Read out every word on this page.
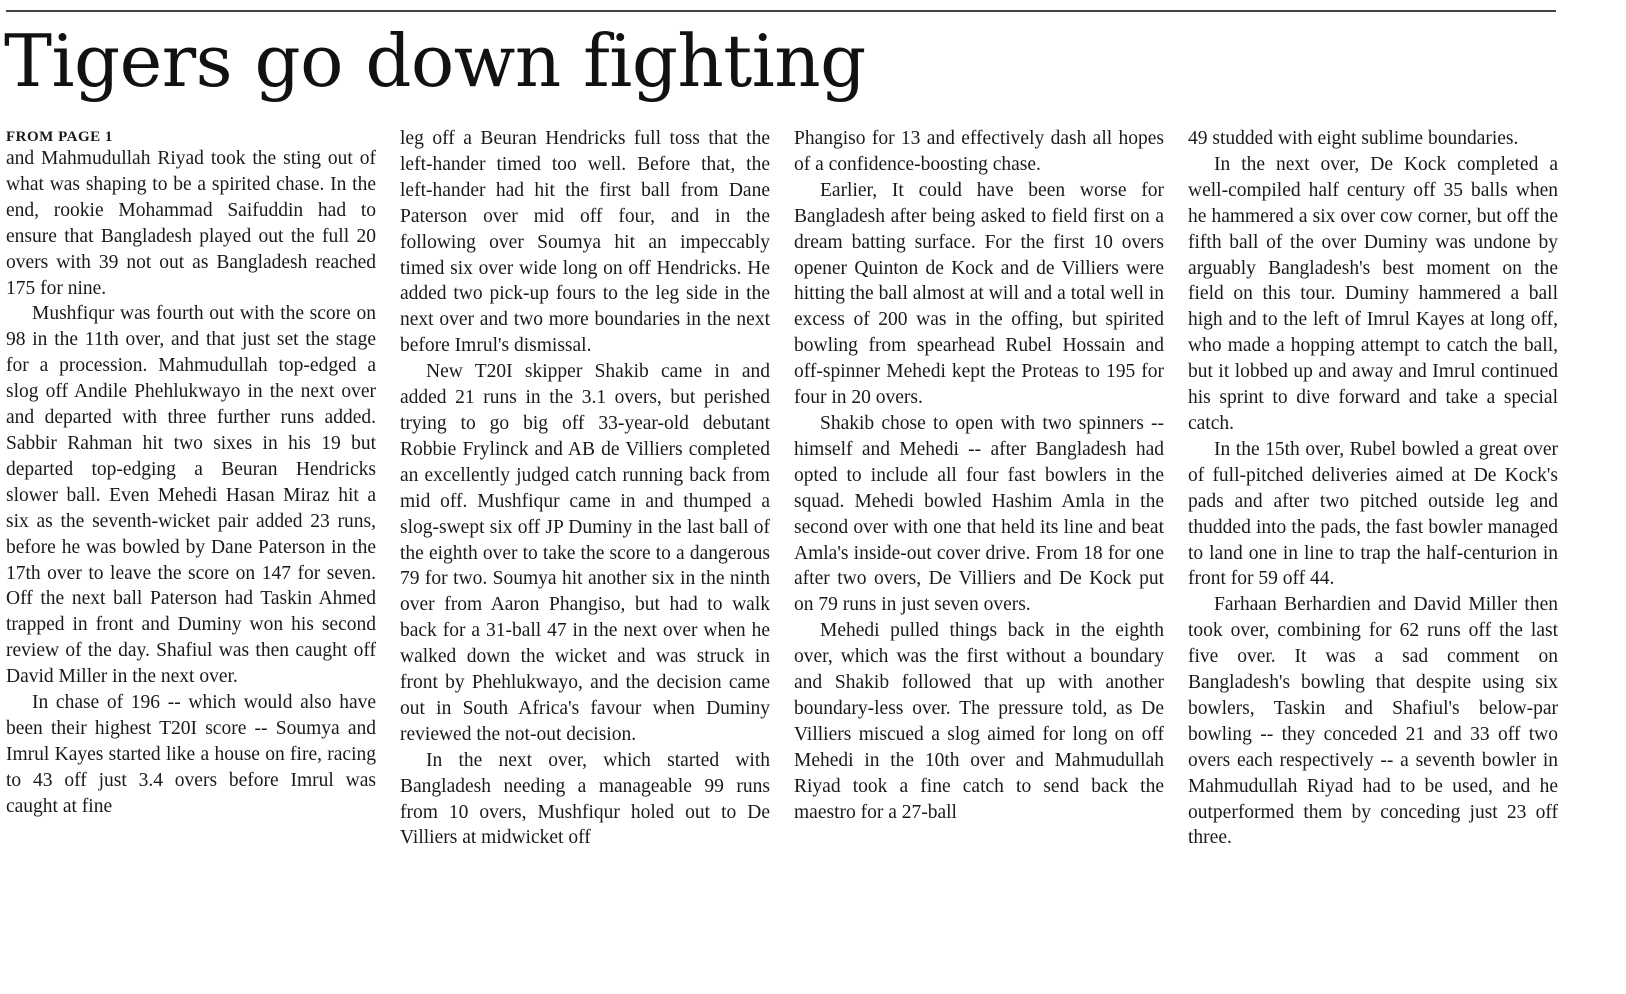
Tigers go down fighting
FROM PAGE 1

and Mahmudullah Riyad took the sting out of what was shaping to be a spirited chase. In the end, rookie Mohammad Saifuddin had to ensure that Bangladesh played out the full 20 overs with 39 not out as Bangladesh reached 175 for nine.

Mushfiqur was fourth out with the score on 98 in the 11th over, and that just set the stage for a procession. Mahmudullah top-edged a slog off Andile Phehlukwayo in the next over and departed with three further runs added. Sabbir Rahman hit two sixes in his 19 but departed top-edging a Beuran Hendricks slower ball. Even Mehedi Hasan Miraz hit a six as the seventh-wicket pair added 23 runs, before he was bowled by Dane Paterson in the 17th over to leave the score on 147 for seven. Off the next ball Paterson had Taskin Ahmed trapped in front and Duminy won his second review of the day. Shafiul was then caught off David Miller in the next over.

In chase of 196 -- which would also have been their highest T20I score -- Soumya and Imrul Kayes started like a house on fire, racing to 43 off just 3.4 overs before Imrul was caught at fine

leg off a Beuran Hendricks full toss that the left-hander timed too well. Before that, the left-hander had hit the first ball from Dane Paterson over mid off four, and in the following over Soumya hit an impeccably timed six over wide long on off Hendricks. He added two pick-up fours to the leg side in the next over and two more boundaries in the next before Imrul's dismissal.

New T20I skipper Shakib came in and added 21 runs in the 3.1 overs, but perished trying to go big off 33-year-old debutant Robbie Frylinck and AB de Villiers completed an excellently judged catch running back from mid off. Mushfiqur came in and thumped a slog-swept six off JP Duminy in the last ball of the eighth over to take the score to a dangerous 79 for two. Soumya hit another six in the ninth over from Aaron Phangiso, but had to walk back for a 31-ball 47 in the next over when he walked down the wicket and was struck in front by Phehlukwayo, and the decision came out in South Africa's favour when Duminy reviewed the not-out decision.

In the next over, which started with Bangladesh needing a manageable 99 runs from 10 overs, Mushfiqur holed out to De Villiers at midwicket off

Phangiso for 13 and effectively dash all hopes of a confidence-boosting chase.

Earlier, It could have been worse for Bangladesh after being asked to field first on a dream batting surface. For the first 10 overs opener Quinton de Kock and de Villiers were hitting the ball almost at will and a total well in excess of 200 was in the offing, but spirited bowling from spearhead Rubel Hossain and off-spinner Mehedi kept the Proteas to 195 for four in 20 overs.

Shakib chose to open with two spinners -- himself and Mehedi -- after Bangladesh had opted to include all four fast bowlers in the squad. Mehedi bowled Hashim Amla in the second over with one that held its line and beat Amla's inside-out cover drive. From 18 for one after two overs, De Villiers and De Kock put on 79 runs in just seven overs.

Mehedi pulled things back in the eighth over, which was the first without a boundary and Shakib followed that up with another boundary-less over. The pressure told, as De Villiers miscued a slog aimed for long on off Mehedi in the 10th over and Mahmudullah Riyad took a fine catch to send back the maestro for a 27-ball

49 studded with eight sublime boundaries.

In the next over, De Kock completed a well-compiled half century off 35 balls when he hammered a six over cow corner, but off the fifth ball of the over Duminy was undone by arguably Bangladesh's best moment on the field on this tour. Duminy hammered a ball high and to the left of Imrul Kayes at long off, who made a hopping attempt to catch the ball, but it lobbed up and away and Imrul continued his sprint to dive forward and take a special catch.

In the 15th over, Rubel bowled a great over of full-pitched deliveries aimed at De Kock's pads and after two pitched outside leg and thudded into the pads, the fast bowler managed to land one in line to trap the half-centurion in front for 59 off 44.

Farhaan Berhardien and David Miller then took over, combining for 62 runs off the last five over. It was a sad comment on Bangladesh's bowling that despite using six bowlers, Taskin and Shafiul's below-par bowling -- they conceded 21 and 33 off two overs each respectively -- a seventh bowler in Mahmudullah Riyad had to be used, and he outperformed them by conceding just 23 off three.
